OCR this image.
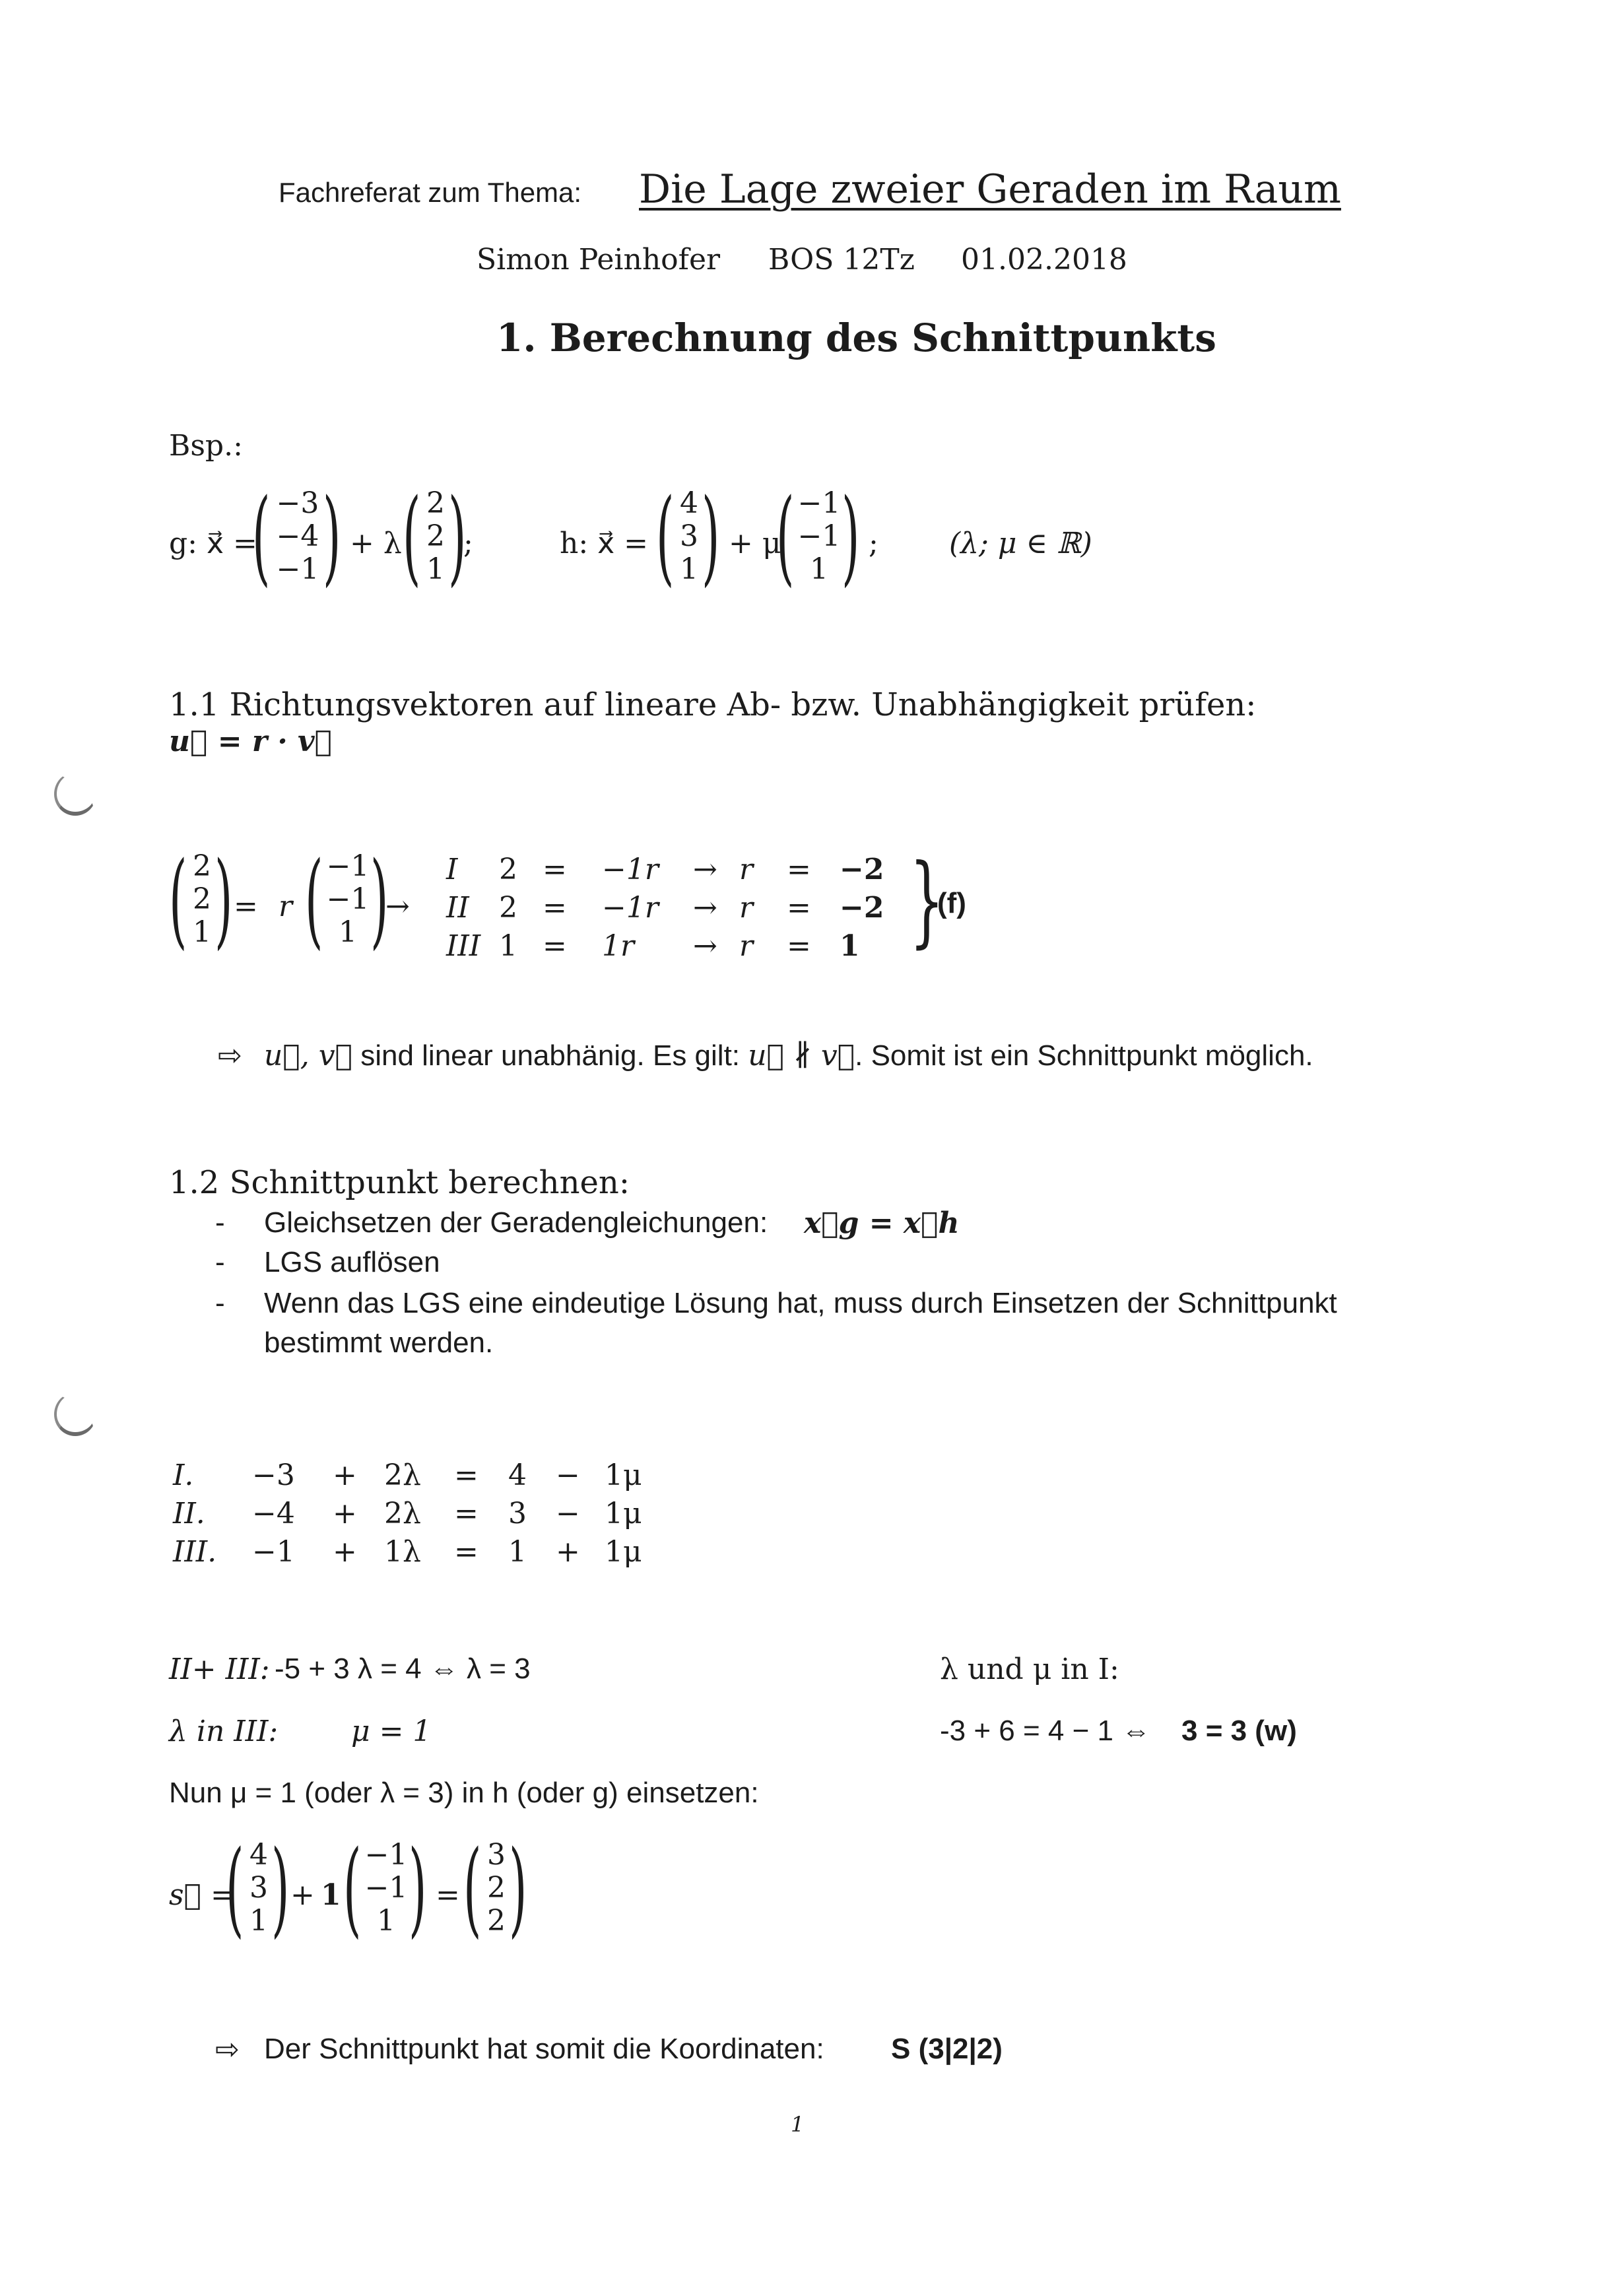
Fachreferat zum Thema: Die Lage zweier Geraden im Raum
Simon Peinhofer BOS 12Tz 01.02.2018
1. Berechnung des Schnittpunkts
Bsp.:
g: x⃗ =
( )
−3
−4
−1
+ λ ( )
2
2
1
;	h: x⃗ = ( )
4
3
1
+ μ
( )
−1
−1
1
; (λ; μ ∈ ℝ)
1.1 Richtungsvektoren auf lineare Ab- bzw. Unabhängigkeit prüfen:
u⃗ = r · v⃗
( )
2
2
1
= r ( )
−1
−1
1
→
I 2 = −1r → r = −2
II 2 = −1r → r = −2
III 1 = 1r → r = 1 }
(f)
⇨ u⃗, v⃗ sind linear unabhänig. Es gilt: u⃗ ∦ v⃗. Somit ist ein Schnittpunkt möglich.
1.2 Schnittpunkt berechnen:
- Gleichsetzen der Geradengleichungen: x⃗g = x⃗h
- LGS auflösen
- Wenn das LGS eine eindeutige Lösung hat, muss durch Einsetzen der Schnittpunkt
bestimmt werden.
I. −3 + 2λ = 4 − 1μ
II. −4 + 2λ = 3 − 1μ
III. −1 + 1λ = 1 + 1μ
II+ III: -5 + 3 λ = 4 ⇔ λ = 3
λ in III:	μ = 1
λ und μ in I:
-3 + 6 = 4 − 1 ⇔ 3 = 3 (w)
Nun μ = 1 (oder λ = 3) in h (oder g) einsetzen:
s⃗ =
( )
4
3
1
+ 1 ( )
−1
−1
1
= ( )
3
2
2
⇨ Der Schnittpunkt hat somit die Koordinaten: S (3|2|2)
1
